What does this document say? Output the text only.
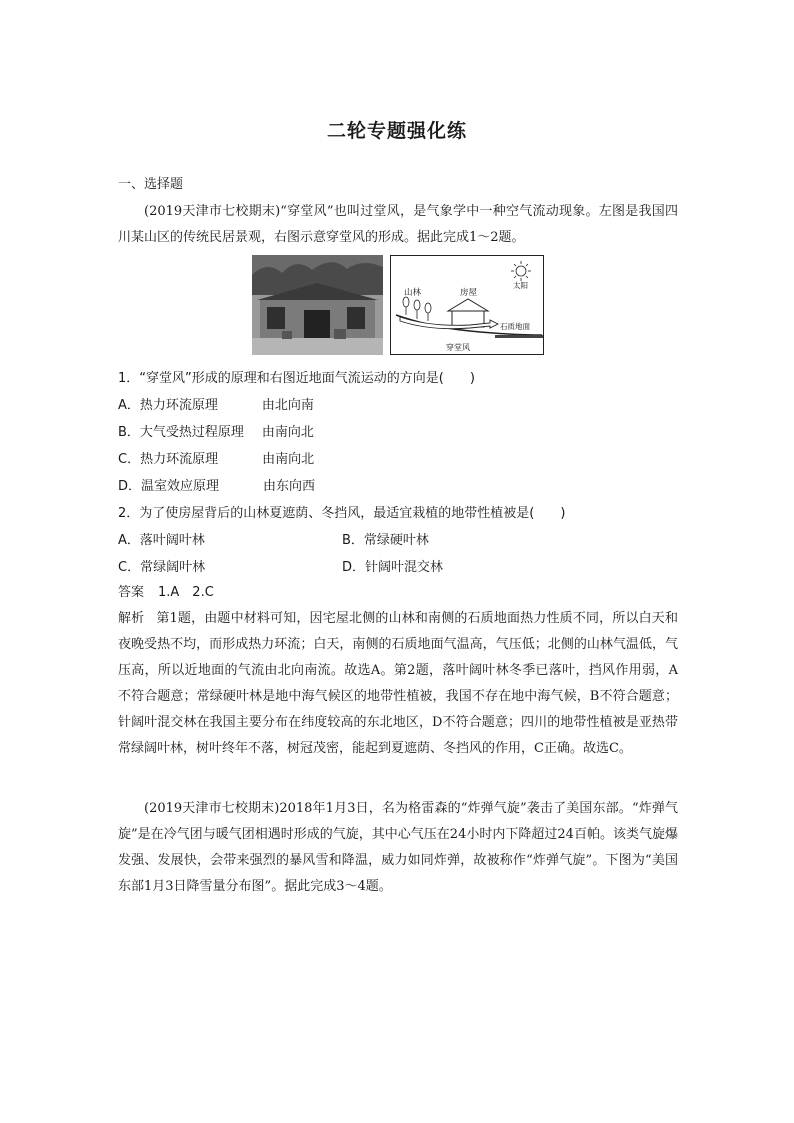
二轮专题强化练
一、选择题
(2019天津市七校期末)“穿堂风”也叫过堂风，是气象学中一种空气流动现象。左图是我国四川某山区的传统民居景观，右图示意穿堂风的形成。据此完成1～2题。
山林	房屋
太阳
石质地面
穿堂风
1．“穿堂风”形成的原理和右图近地面气流运动的方向是(　　)
A．热力环流原理	由北向南
B．大气受热过程原理 由南向北
C．热力环流原理	由南向北
D．温室效应原理	由东向西
2．为了使房屋背后的山林夏遮荫、冬挡风，最适宜栽植的地带性植被是(　　)
A．落叶阔叶林	B．常绿硬叶林
C．常绿阔叶林	D．针阔叶混交林
答案 1.A　2.C
解析 第1题，由题中材料可知，因宅屋北侧的山林和南侧的石质地面热力性质不同，所以白天和夜晚受热不均，而形成热力环流；白天，南侧的石质地面气温高，气压低；北侧的山林气温低，气压高，所以近地面的气流由北向南流。故选A。第2题，落叶阔叶林冬季已落叶，挡风作用弱，A不符合题意；常绿硬叶林是地中海气候区的地带性植被，我国不存在地中海气候，B不符合题意；针阔叶混交林在我国主要分布在纬度较高的东北地区，D不符合题意；四川的地带性植被是亚热带常绿阔叶林，树叶终年不落，树冠茂密，能起到夏遮荫、冬挡风的作用，C正确。故选C。
(2019天津市七校期末)2018年1月3日，名为格雷森的“炸弹气旋”袭击了美国东部。“炸弹气旋”是在冷气团与暖气团相遇时形成的气旋，其中心气压在24小时内下降超过24百帕。该类气旋爆发强、发展快，会带来强烈的暴风雪和降温，威力如同炸弹，故被称作“炸弹气旋”。下图为“美国东部1月3日降雪量分布图”。据此完成3～4题。
